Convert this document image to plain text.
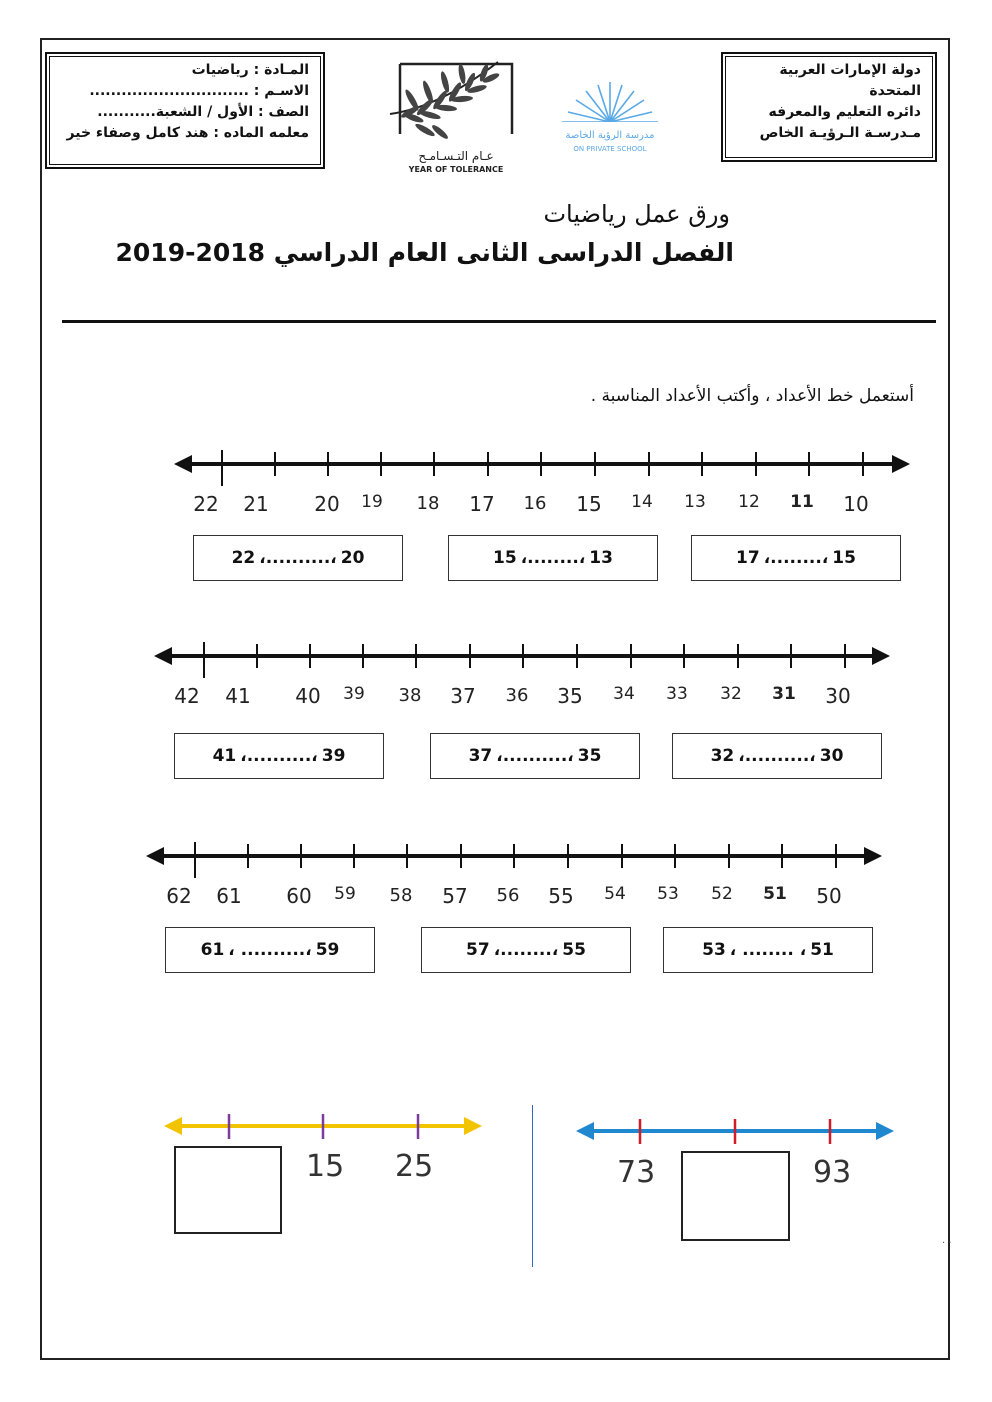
المـادة : رياضيات
الاسـم : ..............................
الصف : الأول / الشعبة...........
معلمه الماده : هند كامل وصفاء خير
عـام التـسـامـح
YEAR OF TOLERANCE
مدرسة الرؤية الخاصة
ON PRIVATE SCHOOL
دولة الإمارات العربية
المتحدة
دائره التعليم والمعرفه
مـدرسـة الـرؤيـة الخاص
ورق عمل رياضيات
الفصل الدراسى الثانى العام الدراسي 2018-2019
أستعمل خط الأعداد ، وأكتب الأعداد المناسبة .
22 21 20 19 18 17 16 15 14 13 12 11 10
22 ،..........، 20	15 ،........، 13	17 ،........، 15
42 41 40 39 38 37 36 35 34 33 32 31 30
41 ،..........، 39	37 ،..........، 35	32 ،..........، 30
62 61 60 59 58 57 56 55 54 53 52 51 50
61 ، ..........، 59	57 ،........، 55	53 ، ........ ، 51
15 25	73	93
· ·
